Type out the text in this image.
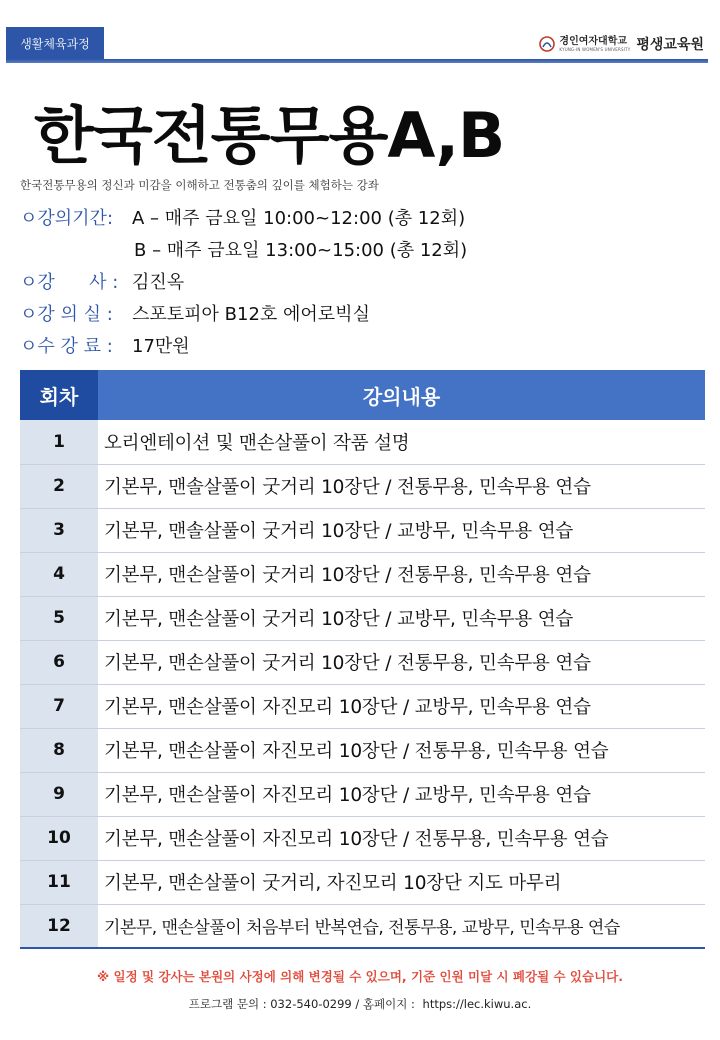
생활체육과정	경인여자대학교
KYUNG-IN WOMEN'S UNIVERSITY 평생교육원
한국전통무용A,B

한국전통무용의 정신과 미감을 이해하고 전통춤의 깊이를 체험하는 강좌

ㅇ강의기간:	A – 매주 금요일 10:00~12:00 (총 12회)
B – 매주 금요일 13:00~15:00 (총 12회)
ㅇ강      사 : 김진옥
ㅇ강 의 실 :	스포토피아 B12호 에어로빅실
ㅇ수 강 료 :	17만원
회차	강의내용
1	오리엔테이션 및 맨손살풀이 작품 설명
2	기본무, 맨솔살풀이 굿거리 10장단 / 전통무용, 민속무용 연습
3	기본무, 맨솔살풀이 굿거리 10장단 / 교방무, 민속무용 연습
4	기본무, 맨손살풀이 굿거리 10장단 / 전통무용, 민속무용 연습
5	기본무, 맨손살풀이 굿거리 10장단 / 교방무, 민속무용 연습
6	기본무, 맨손살풀이 굿거리 10장단 / 전통무용, 민속무용 연습
7	기본무, 맨손살풀이 자진모리 10장단 / 교방무, 민속무용 연습
8	기본무, 맨손살풀이 자진모리 10장단 / 전통무용, 민속무용 연습
9	기본무, 맨손살풀이 자진모리 10장단 / 교방무, 민속무용 연습
10	기본무, 맨손살풀이 자진모리 10장단 / 전통무용, 민속무용 연습
11	기본무, 맨손살풀이 굿거리, 자진모리 10장단 지도 마무리
12	기본무, 맨손살풀이 처음부터 반복연습, 전통무용, 교방무, 민속무용 연습

※ 일정 및 강사는 본원의 사정에 의해 변경될 수 있으며, 기준 인원 미달 시 폐강될 수 있습니다.

프로그램 문의 : 032-540-0299 / 홈페이지 : https://lec.kiwu.ac.
